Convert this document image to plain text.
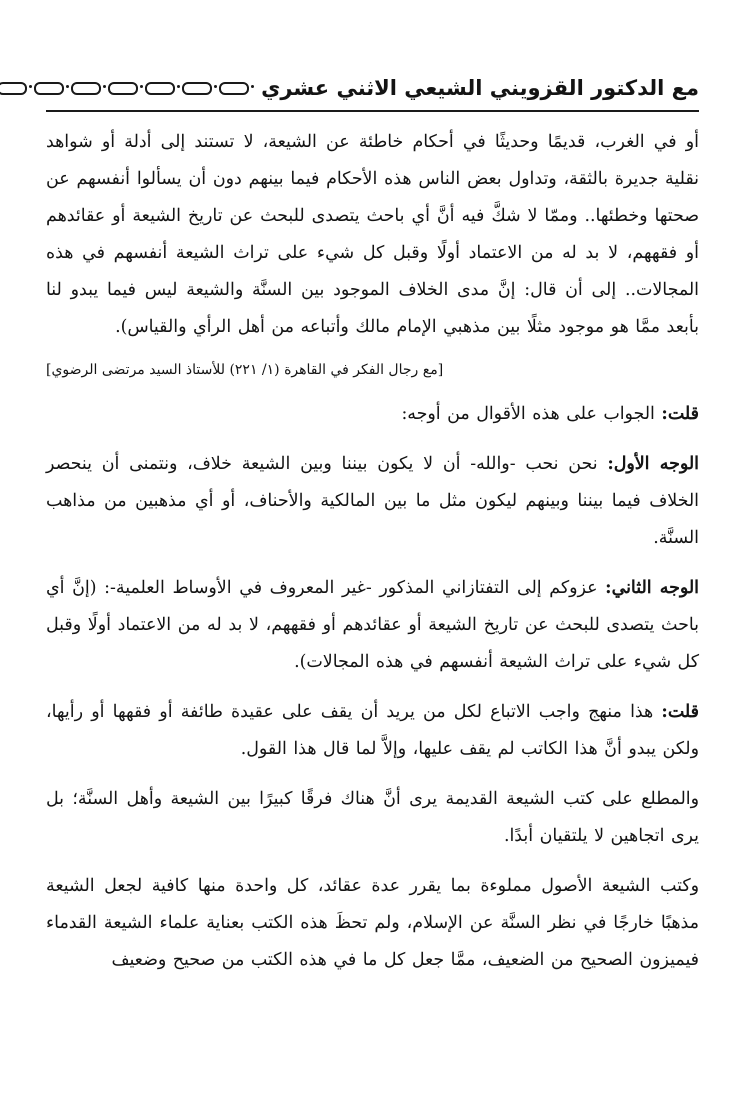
مع الدكتور القزويني الشيعي الاثني عشري

أو في الغرب، قديمًا وحديثًا في أحكام خاطئة عن الشيعة، لا تستند إلى أدلة أو شواهد نقلية جديرة بالثقة، وتداول بعض الناس هذه الأحكام فيما بينهم دون أن يسألوا أنفسهم عن صحتها وخطئها.. وممّا لا شكَّ فيه أنَّ أي باحث يتصدى للبحث عن تاريخ الشيعة أو عقائدهم أو فقههم، لا بد له من الاعتماد أولًا وقبل كل شيء على تراث الشيعة أنفسهم في هذه المجالات.. إلى أن قال: إنَّ مدى الخلاف الموجود بين السنَّة والشيعة ليس فيما يبدو لنا بأبعد ممَّا هو موجود مثلًا بين مذهبي الإمام مالك وأتباعه من أهل الرأي والقياس).

[مع رجال الفكر في القاهرة (١/ ٢٢١) للأستاذ السيد مرتضى الرضوي]

قلت: الجواب على هذه الأقوال من أوجه:

الوجه الأول: نحن نحب -والله- أن لا يكون بيننا وبين الشيعة خلاف، ونتمنى أن ينحصر الخلاف فيما بيننا وبينهم ليكون مثل ما بين المالكية والأحناف، أو أي مذهبين من مذاهب السنَّة.

الوجه الثاني: عزوكم إلى التفتازاني المذكور -غير المعروف في الأوساط العلمية-: (إنَّ أي باحث يتصدى للبحث عن تاريخ الشيعة أو عقائدهم أو فقههم، لا بد له من الاعتماد أولًا وقبل كل شيء على تراث الشيعة أنفسهم في هذه المجالات).

قلت: هذا منهج واجب الاتباع لكل من يريد أن يقف على عقيدة طائفة أو فقهها أو رأيها، ولكن يبدو أنَّ هذا الكاتب لم يقف عليها، وإلاَّ لما قال هذا القول.

والمطلع على كتب الشيعة القديمة يرى أنَّ هناك فرقًا كبيرًا بين الشيعة وأهل السنَّة؛ بل يرى اتجاهين لا يلتقيان أبدًا.

وكتب الشيعة الأصول مملوءة بما يقرر عدة عقائد، كل واحدة منها كافية لجعل الشيعة مذهبًا خارجًا في نظر السنَّة عن الإسلام، ولم تحظَ هذه الكتب بعناية علماء الشيعة القدماء فيميزون الصحيح من الضعيف، ممَّا جعل كل ما في هذه الكتب من صحيح وضعيف
